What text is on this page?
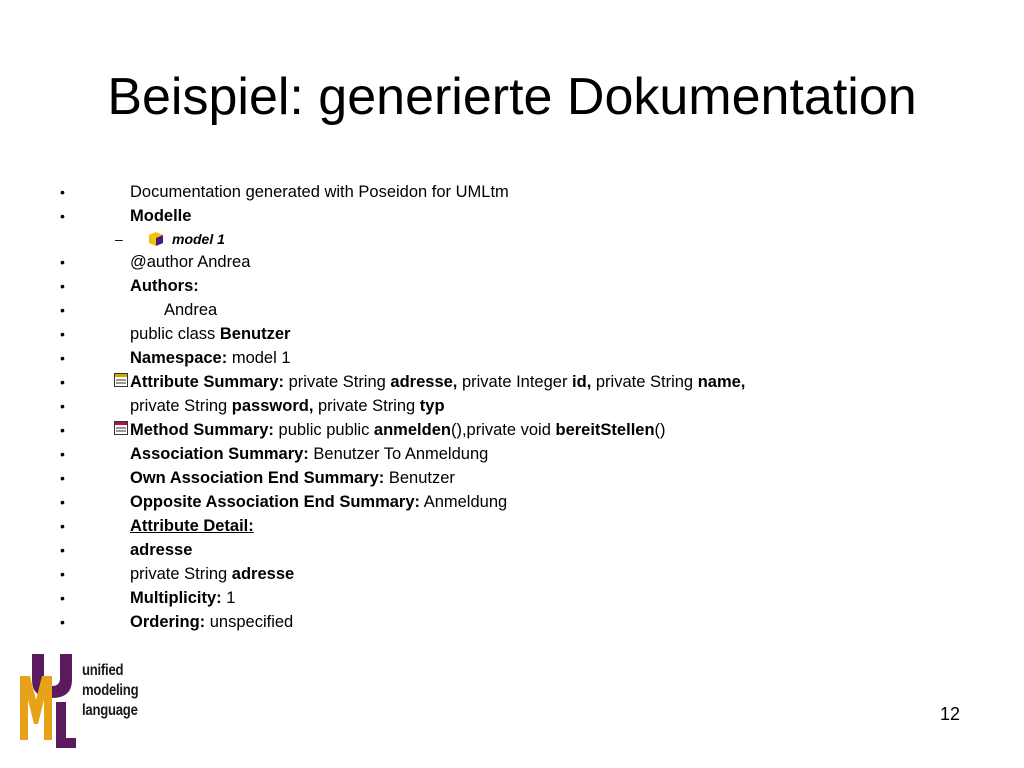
Beispiel: generierte Dokumentation
•	Documentation generated with Poseidon for UMLtm
•	Modelle
–	model 1
•	@author Andrea
•	Authors:
•	Andrea
•	public class Benutzer
•	Namespace: model 1
•	Attribute Summary: private String adresse, private Integer id, private String name,
•	private String password, private String typ
•	Method Summary: public public anmelden(),private void bereitStellen()
•	Association Summary: Benutzer To Anmeldung
•	Own Association End Summary: Benutzer
•	Opposite Association End Summary: Anmeldung
•	Attribute Detail:
•	adresse
•	private String adresse
•	Multiplicity: 1
•	Ordering: unspecified
unified
modeling
language	12
